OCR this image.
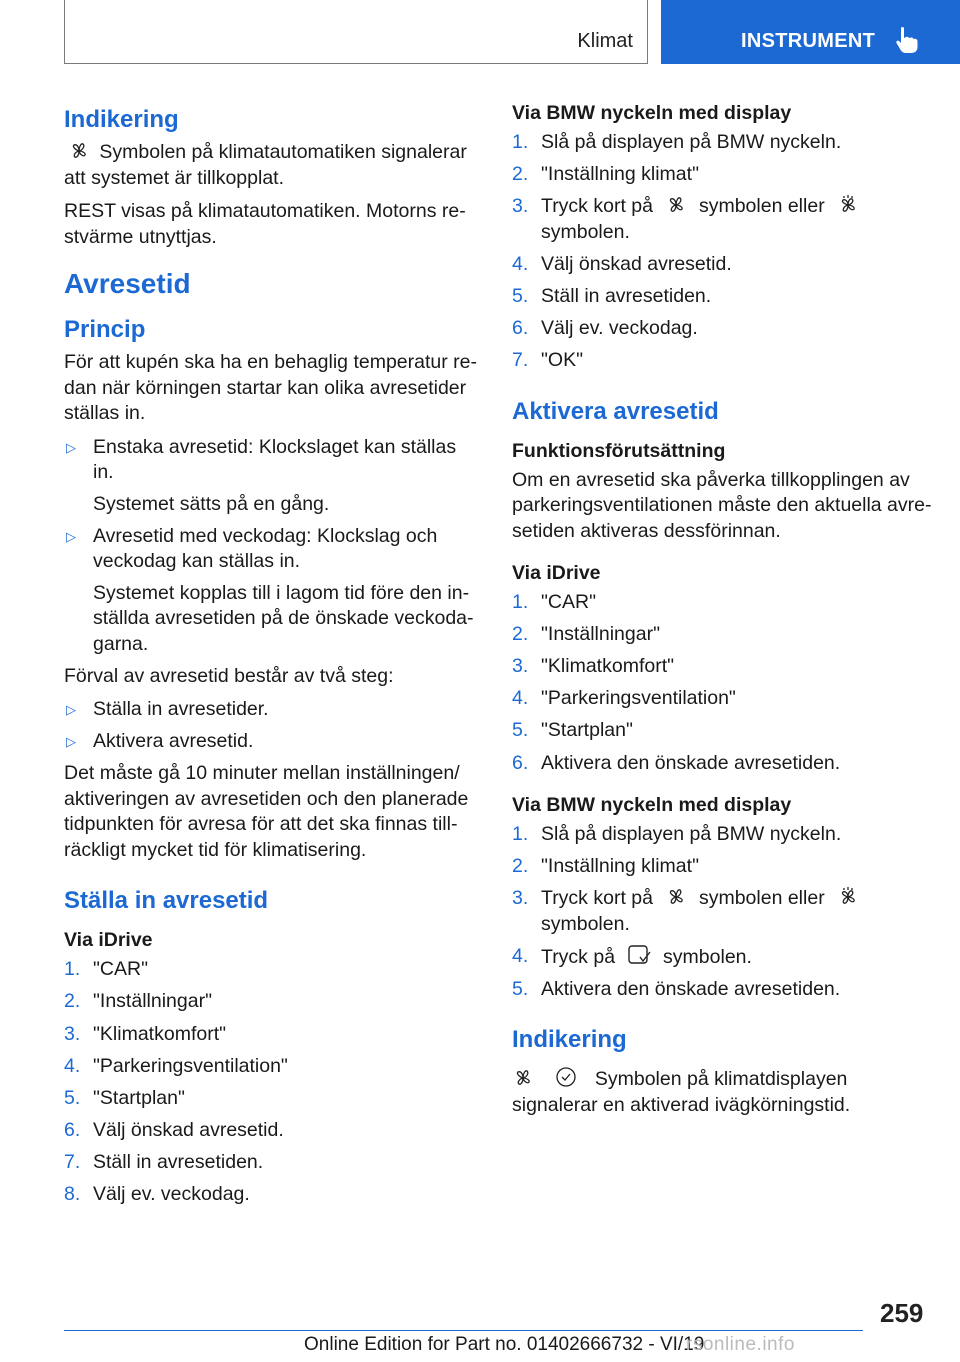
Klimat	INSTRUMENT
Indikering

Symbolen på klimatautomatiken signalerar att systemet är tillkopplat.

REST visas på klimatautomatiken. Motorns restvärme utnyttjas.

Avresetid
Princip

För att kupén ska ha en behaglig temperatur redan när körningen startar kan olika avresetider ställas in.

▷ Enstaka avresetid: Klockslaget kan ställas in.
Systemet sätts på en gång.
▷ Avresetid med veckodag: Klockslag och veckodag kan ställas in.
Systemet kopplas till i lagom tid före den inställda avresetiden på de önskade veckodagarna.

Förval av avresetid består av två steg:

▷ Ställa in avresetider.
▷ Aktivera avresetid.

Det måste gå 10 minuter mellan inställningen/ aktiveringen av avresetiden och den planerade tidpunkten för avresa för att det ska finnas tillräckligt mycket tid för klimatisering.

Ställa in avresetid
Via iDrive
1. "CAR"
2. "Inställningar"
3. "Klimatkomfort"
4. "Parkeringsventilation"
5. "Startplan"
6. Välj önskad avresetid.
7. Ställ in avresetiden.
8. Välj ev. veckodag.
Via BMW nyckeln med display
1. Slå på displayen på BMW nyckeln.
2. "Inställning klimat"
3. Tryck kort på symbolen ellersymbolen.
4. Välj önskad avresetid.
5. Ställ in avresetiden.
6. Välj ev. veckodag.
7. "OK"
Aktivera avresetid
Funktionsförutsättning

Om en avresetid ska påverka tillkopplingen av parkeringsventilationen måste den aktuella avresetiden aktiveras dessförinnan.

Via iDrive
1. "CAR"
2. "Inställningar"
3. "Klimatkomfort"
4. "Parkeringsventilation"
5. "Startplan"
6. Aktivera den önskade avresetiden.
Via BMW nyckeln med display
1. Slå på displayen på BMW nyckeln.
2. "Inställning klimat"
3. Tryck kort på symbolen ellersymbolen.
4. Tryck på symbolen.
5. Aktivera den önskade avresetiden.
Indikering

Symbolen på klimatdisplayen signalerar en aktiverad ivägkörningstid.

259
Online Edition for Part no. 01402666732 - VI/19
rsonline.info
